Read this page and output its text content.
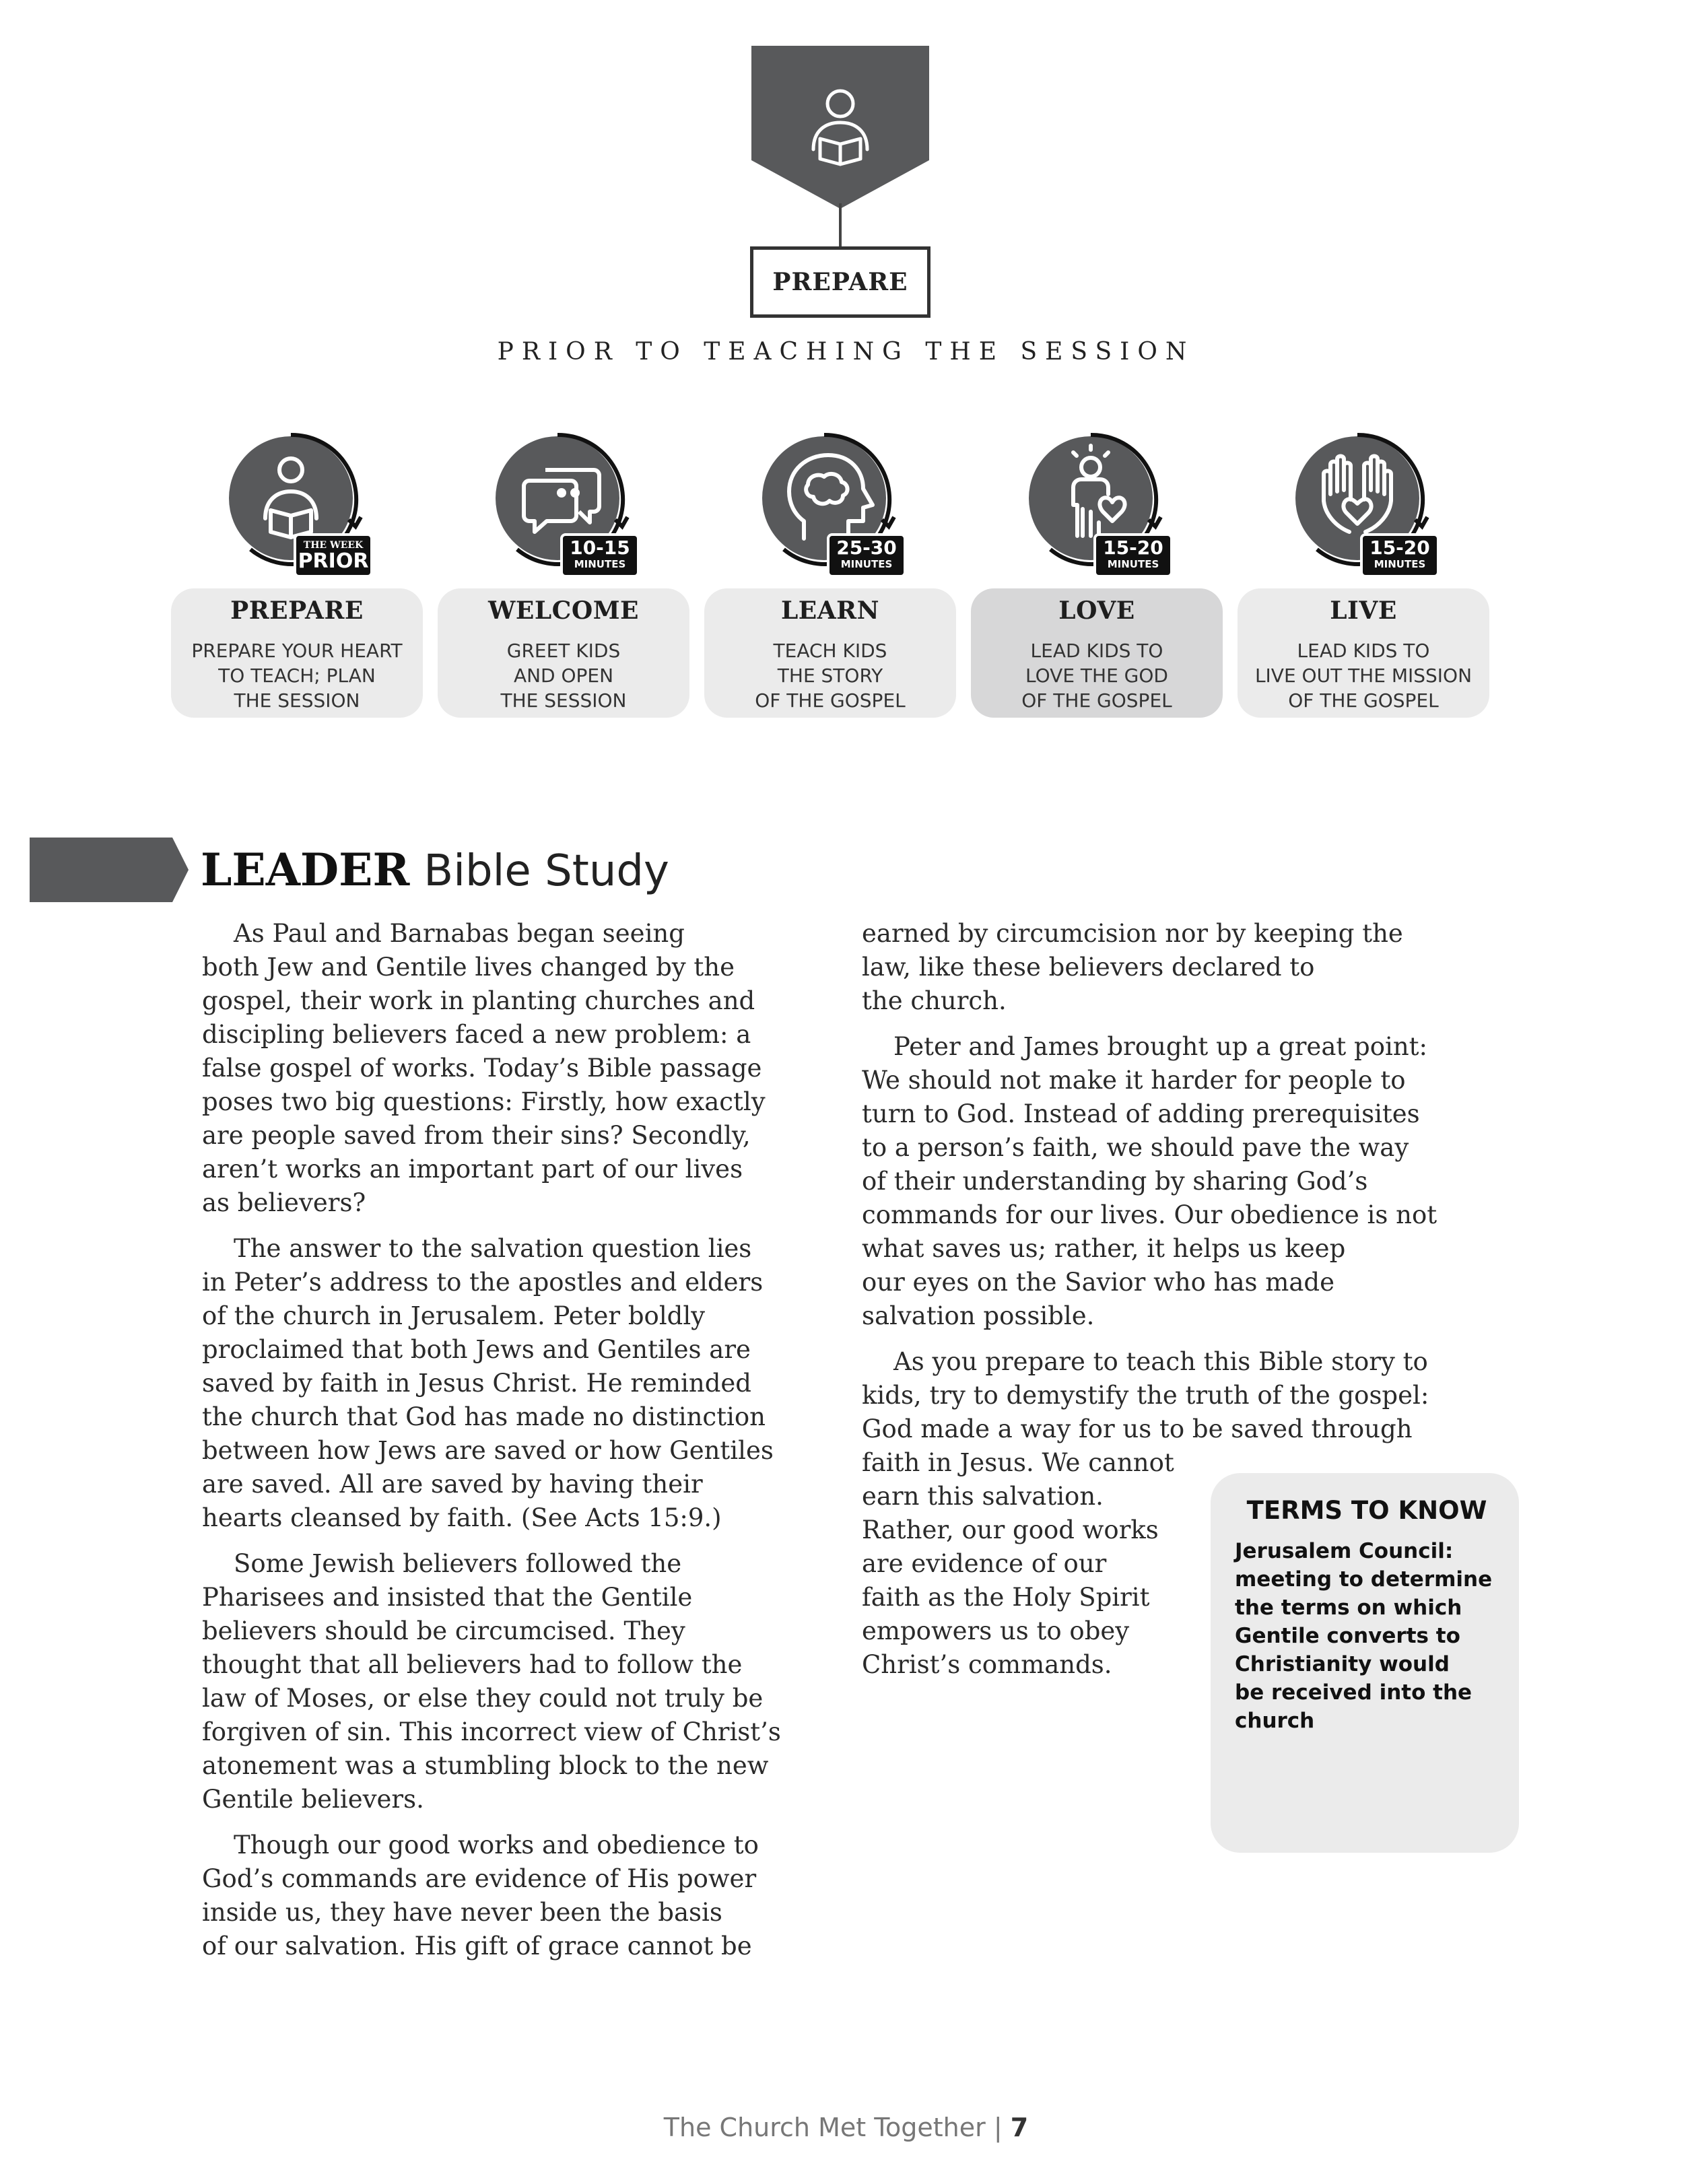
PREPARE
PRIOR TO TEACHING THE SESSION
THE WEEK
PRIOR
PREPARE
PREPARE YOUR HEART
TO TEACH; PLAN
THE SESSION
10-15
MINUTES
WELCOME
GREET KIDS
AND OPEN
THE SESSION
25-30
MINUTES
LEARN
TEACH KIDS
THE STORY
OF THE GOSPEL
15-20
MINUTES
LOVE
LEAD KIDS TO
LOVE THE GOD
OF THE GOSPEL
15-20
MINUTES
LIVE
LEAD KIDS TO
LIVE OUT THE MISSION
OF THE GOSPEL
LEADER Bible Study

As Paul and Barnabas began seeing
both Jew and Gentile lives changed by the
gospel, their work in planting churches and
discipling believers faced a new problem: a
false gospel of works. Today’s Bible passage
poses two big questions: Firstly, how exactly
are people saved from their sins? Secondly,
aren’t works an important part of our lives
as believers?

The answer to the salvation question lies
in Peter’s address to the apostles and elders
of the church in Jerusalem. Peter boldly
proclaimed that both Jews and Gentiles are
saved by faith in Jesus Christ. He reminded
the church that God has made no distinction
between how Jews are saved or how Gentiles
are saved. All are saved by having their
hearts cleansed by faith. (See Acts 15:9.)

Some Jewish believers followed the
Pharisees and insisted that the Gentile
believers should be circumcised. They
thought that all believers had to follow the
law of Moses, or else they could not truly be
forgiven of sin. This incorrect view of Christ’s
atonement was a stumbling block to the new
Gentile believers.

Though our good works and obedience to
God’s commands are evidence of His power
inside us, they have never been the basis
of our salvation. His gift of grace cannot be

earned by circumcision nor by keeping the
law, like these believers declared to
the church.

Peter and James brought up a great point:
We should not make it harder for people to
turn to God. Instead of adding prerequisites
to a person’s faith, we should pave the way
of their understanding by sharing God’s
commands for our lives. Our obedience is not
what saves us; rather, it helps us keep
our eyes on the Savior who has made
salvation possible.

As you prepare to teach this Bible story to
kids, try to demystify the truth of the gospel:
God made a way for us to be saved through
faith in Jesus. We cannot
earn this salvation.
Rather, our good works
are evidence of our
faith as the Holy Spirit
empowers us to obey
Christ’s commands.

TERMS TO KNOW
Jerusalem Council:
meeting to determine
the terms on which
Gentile converts to
Christianity would
be received into the
church
The Church Met Together | 7
